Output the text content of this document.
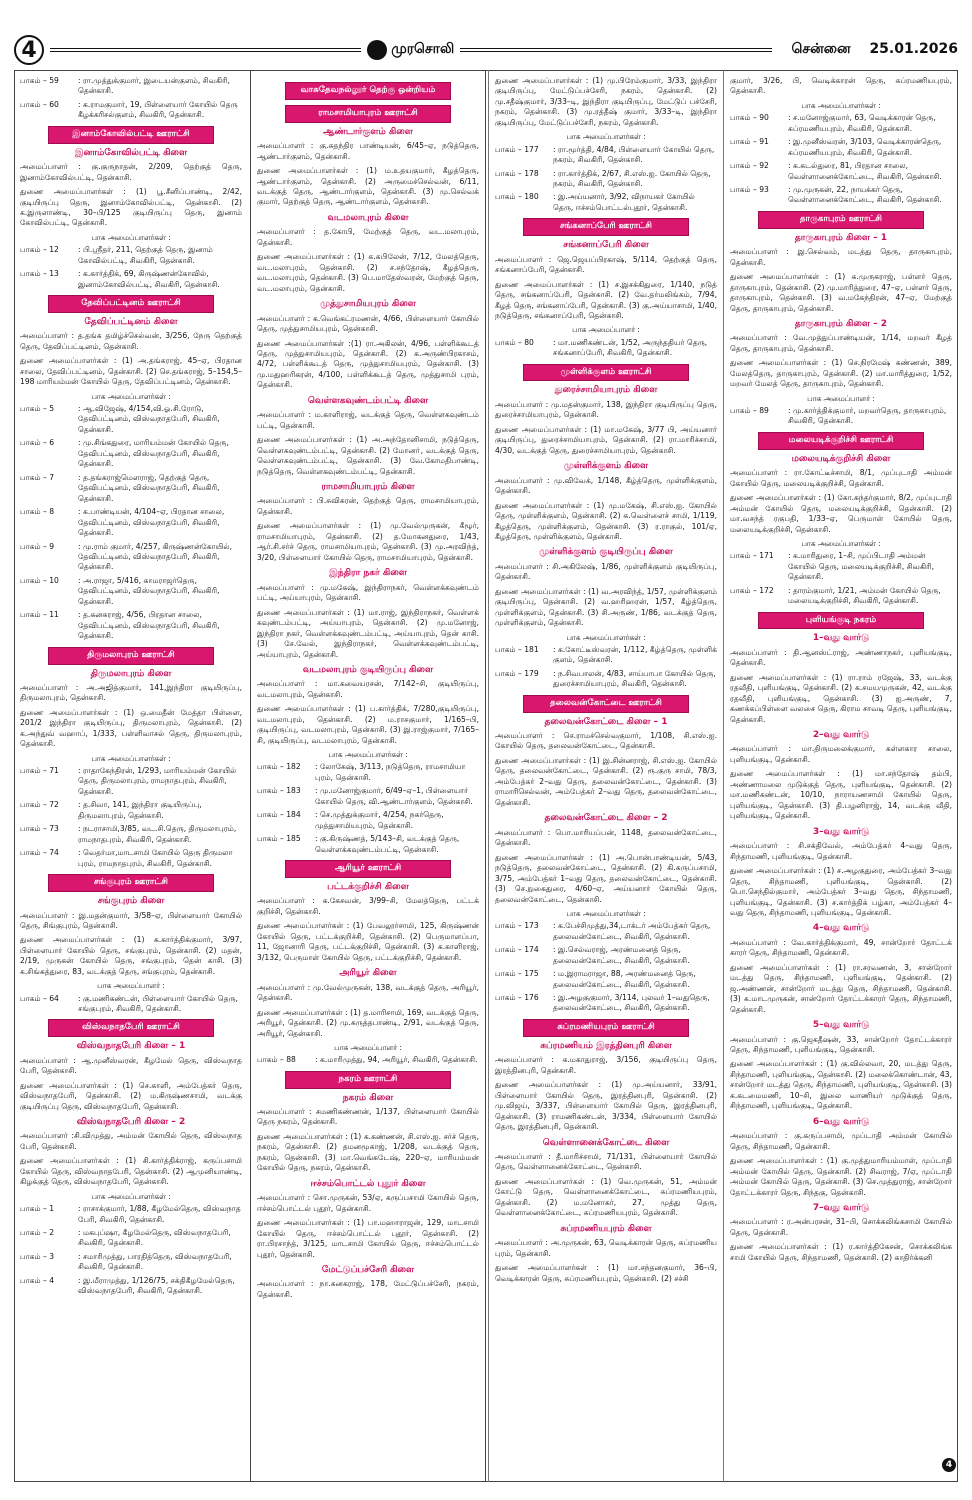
4	முரசொலி	சென்னை 25.01.2026
பாகம் – 59	: ரா.முத்துக்குமார், இடையன்குளம், சிவகிரி, தென்காசி.
பாகம் – 60	: க.ராமகுமார், 19, பிள்ளையார் கோயில் தெரு கீழக்கரிசல்குளம், சிவகிரி, தென்காசி.
இனாம்கோவில்பட்டி ஊராட்சி
இனாம்கோவில்பட்டி கிளை
அமைப்பாளர் : கு.குருநாதன், 2/209, தெற்குத் தெரு, இனாம்கோவில்பட்டி, தென்காசி.
துணை அமைப்பாளர்கள் : (1) பூ.சீனிப்பாண்டி, 2/42, குடியிருப்பு தெரு, இனாம்கோவில்பட்டி, தென்காசி. (2) க.இருளாண்டி, 30–பி/125 குடியிருப்பு தெரு, இனாம் கோவில்பட்டி, தென்காசி.
பாக அமைப்பாளர்கள் :
பாகம் – 12	: பி.ஸ்ரீதர், 211, தெற்குத் தெரு, இனாம் கோவில்பட்டி, சிவகிரி, தென்காசி.
பாகம் – 13	: க.கார்த்திக், 69, கிருஷ்ணன்கோவில், இனாம்கோவில்பட்டி, சிவகிரி, தென்காசி.
தேவிப்பட்டினம் ஊராட்சி
தேவிப்பட்டினம் கிளை
அமைப்பாளர் : த.தங்க தமிழ்ச்செல்வன், 3/256, நேரு தெற்குத் தெரு, தேவிப்பட்டினம், தென்காசி.
துணை அமைப்பாளர்கள் : (1) அ.தங்கராஜ், 45–ஏ, பிரதான சாலை, தேவிப்பட்டினம், தென்காசி. (2) செ.தங்கராஜ், 5–154,5–198 மாரியம்மன் கோயில் தெரு, தேவிப்பட்டினம், தென்காசி.
பாக அமைப்பாளர்கள் :
பாகம் – 5	: ஆ.விஜேஷ், 4/154,வி.ஓ.சி.ரோடு, தேவிபட்டினம், விஸ்வநாதபேரி, சிவகிரி, தென்காசி.
பாகம் – 6	: மு.சிங்கதுரை, மாரியம்மன் கோயில் தெரு, தேவிபட்டினம், விஸ்வநாதபேரி, சிவகிரி, தென்காசி.
பாகம் – 7	: த.தங்கராஜ்மௌராஜ், தெற்குத் தெரு, தேவிபட்டினம், விஸ்வநாதபேரி, சிவகிரி, தென்காசி.
பாகம் – 8	: க.பாண்டியன், 4/104–ஏ, பிரதான சாலை, தேவிபட்டினம், விஸ்வநாதபேரி, சிவகிரி, தென்காசி.
பாகம் – 9	: மு.ராம் குமார், 4/257, கிருஷ்ணன்கோயில், தேவிபட்டினம், விஸ்வநாதபேரி, சிவகிரி, தென்காசி.
பாகம் – 10	: அ.ராஜா, 5/416, காமராஜர்தெரு, தேவிபட்டினம், விஸ்வநாதபேரி, சிவகிரி, தென்காசி.
பாகம் – 11	: த.கனகராஜ், 4/56, பிரதான சாலை, தேவிபட்டினம், விஸ்வநாதபேரி, சிவகிரி, தென்காசி.
திருமலாபுரம் ஊராட்சி
திருமலாபுரம் கிளை
அமைப்பாளர் : அ.அஜித்குமார், 141,இந்திரா குடியிருப்பு, திருமலாபுரம், தென்காசி.
துணை அமைப்பாளர்கள் : (1) ஒ.மைதீன் மேத்தா பிள்ளை, 201/2 இந்திரா குடியிருப்பு, திருமலாபுரம், தென்காசி. (2) க.அந்துவ் வஹாப், 1/333, பள்ளிவாசல் தெரு, திருமலாபுரம், தென்காசி.
பாக அமைப்பாளர்கள் :
பாகம் – 71	: ராதாகேந்திரன், 1/293, மாரியம்மன் கோயில் தெரு, திருமலாபுரம், ராமநாதபுரம், சிவகிரி, தென்காசி.
பாகம் – 72	: த.சிவா, 141, இந்திரா குடியிருப்பு, திருமலாபுரம், தென்காசி.
பாகம் – 73	: நடராசாமி,3/85, வட.சி.தெரு, திருமலாபுரம், ராமநாதபுரம், சிவகிரி, தென்காசி.
பாகம் – 74	: வெதர்மா,மாடசாமி கோயில் தெரு திருமலா புரம், ராமநாதபுரம், சிவகிரி, தென்காசி.
சங்குபுரம் ஊராட்சி
சங்குபுரம் கிளை
அமைப்பாளர் : இ.மதன்குமார், 3/58–ஏ, பிள்ளையார் கோயில் தெரு, சிங்குபுரம், தென்காசி.
துணை அமைப்பாளர்கள் : (1) க.கார்த்திக்குமார், 3/97, பிள்ளையார் கோயில் தெரு, சங்குபுரம், தென்காசி. (2) மதன், 2/19, முருகன் கோயில் தெரு, சங்குபுரம், தென் காசி. (3) க.சிங்கத்துரை, 83, வடக்குத் தெரு, சங்குபுரம், தென்காசி.
பாக அமைப்பாளர் :
பாகம் – 64	: கு.மணிகண்டன், பிள்ளையார் கோயில் தெரு, சங்குபுரம், சிவகிரி, தென்காசி.
விஸ்வநாதபேரி ஊராட்சி
விஸ்வநாதபேரி கிளை – 1
அமைப்பாளர் : ஆ.முனீஸ்வரன், கீழமேல் தெரு, விஸ்வநாத பேரி, தென்காசி.
துணை அமைப்பாளர்கள் : (1) செ.காளி, அம்பேத்கர் தெரு, விஸ்வநாதபேரி, தென்காசி. (2) ம.கிருஷ்ணசாமி, வடக்கு குடியிருப்பு தெரு, விஸ்வநாதபேரி, தென்காசி.
விஸ்வநாதபேரி கிளை – 2
அமைப்பாளர் :சி.விமுத்து, அம்மன் கோயில் தெரு, விஸ்வநாத பேரி, தென்காசி.
துணை அமைப்பாளர்கள் : (1) சி.கார்த்திக்ராஜ், கருப்பசாமி கோயில் தெரு, விஸ்வநாதபேரி, தென்காசி. (2) ஆமுனியாண்டி, கிழக்குத் தெரு, விஸ்வநாதபேரி, தென்காசி.
பாக அமைப்பாளர்கள் :
பாகம் – 1	: ராசாக்குமார், 1/88, கீழமேல்தெரு, விஸ்வநாத பேரி, சிவகிரி, தென்காசி.
பாகம் – 2	: மகபுப்ஷா, கீழமேல்தெரு, விஸ்வநாதபேரி, சிவகிரி, தென்காசி.
பாகம் – 3	: சமாரிமுத்து, பாரதித்தெரு, விஸ்வநாதபேரி, சிவகிரி, தென்காசி.
பாகம் – 4	: இ.மீராமுத்து, 1/126/75, சக்திகீழமேல்தெரு, விஸ்வநாதபேரி, சிவகிரி, தென்காசி.
வாசுதேவநல்லூர் தெற்கு ஒன்றியம்
ராமசாமியாபுரம் ஊராட்சி
ஆண்டார்குளம் கிளை
அமைப்பாளர் : கு.சுதந்திர பாண்டியன், 6/45–ஏ, நடுத்தெரு, ஆண்டார்குளம், தென்காசி.
துணை அமைப்பாளர்கள் : (1) ம.உதயகுமார், கீழத்தெரு, ஆண்டார்குளம், தென்காசி. (2) அருமைச்செல்வன், 6/11, வடக்குத் தெரு, ஆண்டார்குளம், தென்காசி. (3) மு.செல்வக் குமார், தெற்குத் தெரு, ஆண்டார்குளம், தென்காசி.
வடமலாபுரம் கிளை
அமைப்பாளர் : த.கோபி, மேற்குத் தெரு, வட.மலாபுரம், தென்காசி.
துணை அமைப்பாளர்கள் : (1) க.கபிலேன், 7/12, மேலத்தெரு, வட.மலாபுரம், தென்காசி. (2) ச.சந்தோஷ், கீழத்தெரு, வட.மலாபுரம், தென்காசி. (3) பெ.மாதேஸ்வரன், மேற்குத் தெரு, வட.மலாபுரம், தென்காசி.
முத்துசாமியபுரம் கிளை
அமைப்பாளர் : க.வெங்கட்ரமணன், 4/66, பிள்ளையார் கோயில் தெரு, முத்துசாமியபுரம், தென்காசி.
துணை அமைப்பாளர்கள் :(1) ரா.அகிலன், 4/96, பள்ளிக்கூடத் தெரு, முத்துசாமியபுரம், தென்காசி. (2) க.அருண்பிரகாசம், 4/72, பள்ளிக்கூடத் தெரு, முத்துசாமியபுரம், தென்காசி. (3) மு.மதுஹரிகரன், 4/100, பள்ளிக்கூடத் தெரு, முத்துசாமி புரம், தென்காசி.
வெள்ளகவுண்டம்பட்டி கிளை
அமைப்பாளர் : ம.காளிராஜ், வடக்குத் தெரு, வெள்ளகவுண்டம் பட்டி, தென்காசி.
துணை அமைப்பாளர்கள் : (1) அ.அந்தோனிசாமி, நடுத்தெரு, வெள்ளகவுண்டம்பட்டி, தென்காசி. (2) மோனா், வடக்குத் தெரு, வெள்ளகவுண்டம்பட்டி, தென்காசி. (3) வே.கோமதிபாண்டி, நடுத்தெரு, வெள்ளகவுண்டம்பட்டி, தென்காசி.
ராமசாமியாபுரம் கிளை
அமைப்பாளர் : பி.சுவிசுரன், தெற்குத் தெரு, ராமசாமியாபுரம், தென்காசி.
துணை அமைப்பாளர்கள் : (1) மு.வேல்முருகன், கீழூர், ராமசாமியாபுரம், தென்காசி. (2) த.மோகனதுரை, 1/43, ஆர்.சி.சர்ச் தெரு, ராமசாமியாபுரம், தென்காசி. (3) மு.அரவிந்த், 3/20, பிள்ளையார் கோயில் தெரு, ராமசாமியாபுரம், தென்காசி.
இந்திரா நகர் கிளை
அமைப்பாளர் : மு.மகேஷ், இந்திராநகர், வெள்ளக்கவுண்டம் பட்டி, அய்யாபுரம், தென்காசி.
துணை அமைப்பாளர்கள் : (1) மா.ராஜ், இந்திராநகர், வெள்ளக் கவுண்டம்பட்டி, அய்யாபுரம், தென்காசி. (2) மு.மனோஜ், இந்திரா நகர், வெள்ளக்கவுண்டம்பட்டி, அய்யாபுரம், தென் காசி. (3) சே.வேல், இந்திராநகர், வெள்ளக்கவுண்டம்பட்டி, அய்யாபுரம், தென்காசி.
வடமலாபுரம் குடியிருப்பு கிளை
அமைப்பாளர் : மா.கவையரசன், 7/142–சி, குடியிருப்பு, வடமலாபுரம், தென்காசி.
துணை அமைப்பாளர்கள் : (1) ப.கார்த்திக், 7/280,குடியிருப்பு, வடமலாபுரம், தென்காசி. (2) ம.ராசகுமார், 1/165–பி, குடியிருப்பு, வடமலாபுரம், தென்காசி. (3) இ.ராஜ்குமார், 7/165–சி, குடியிருப்பு, வடமலாபுரம், தென்காசி.
பாக அமைப்பாளர்கள் :
பாகம் – 182	: லோகேஷ், 3/113, நடுத்தெரு, ராமசாமியா புரம், தென்காசி.
பாகம் – 183	: மு.மனோஜ்குமார், 6/49–ஏ–1, பிள்ளையார் கோயில் தெரு, வி.ஆண்டார்குளம், தென்காசி.
பாகம் – 184	: செ.முத்துக்குமார், 4/254, நகர்தெரு, முத்துசாமியபுரம், தென்காசி.
பாகம் – 185	: கு.கிருஷ்ணத், 5/143–சி, வடக்குத் தெரு, வெள்ளக்கவுண்டம்பட்டி, தென்காசி.
ஆரியூர் ஊராட்சி
பட்டக்குறிச்சி கிளை
அமைப்பாளர் : க.கேசவன், 3/99–சி, மேலத்தெரு, பட்டக் குறிச்சி, தென்காசி.
துணை அமைப்பாளர்கள் : (1) பேவலூர்சாமி, 125, கிருஷ்ணன் கோயில் தெரு, பட்டக்குறிச்சி, தென்காசி. (2) பெருமாளப்பா, 11, ஜோனாரி தெரு, பட்டக்குறிச்சி, தென்காசி. (3) க.காளிராஜ், 3/132, பெருமாள் கோயில் தெரு, பட்டக்குறிச்சி, தென்காசி.
அரியூர் கிளை
அமைப்பாளர் : மு.வேல்முருகன், 138, வடக்குத் தெரு, அரியூர், தென்காசி.
துணை அமைப்பாளர்கள் : (1) த.மாரிசாமி, 169, வடக்குத் தெரு, அரியூர், தென்காசி. (2) மு.கருத்தபாண்டி, 2/91, வடக்குத் தெரு, அரியூர், தென்காசி.
பாக அமைப்பாளர் :
பாகம் – 88	: க.மாரிமுத்து, 94, அரியூர், சிவகிரி, தென்காசி.
நகரம் ஊராட்சி
நகரம் கிளை
அமைப்பாளர் : சமணிகண்ணன், 1/137, பிள்ளையார் கோயில் தெரு நகரம், தென்காசி.
துணை அமைப்பாளர்கள் : (1) க.கண்ணன், சி.எஸ்.ஐ. சர்ச் தெரு, நகரம், தென்காசி. (2) தமனமூகாஜ், 1/208, வடக்குத் தெரு, நகரம், தென்காசி. (3) மா.வெங்கடேஷ், 220–ஏ, மாரியம்மன் கோயில் தெரு, நகரம், தென்காசி.
ஈச்சம்பொட்டல் புதூர் கிளை
அமைப்பாளர் : சொ.முருகன், 53/ஏ, கருப்பசாமி கோயில் தெரு, ஈச்சம்பொட்டல் புதூர், தென்காசி.
துணை அமைப்பாளர்கள் : (1) பா.மஹாராஜன், 129, மாடசாமி கோயில் தெரு, ஈச்சம்பொட்டல் புதூர், தென்காசி. (2) ரா.பிரசாந்த், 3/125, மாடசாமி கோயில் தெரு, ஈச்சம்பொட்டல் புதூர், தென்காசி.
மேட்டுப்பச்சேரி கிளை
அமைப்பாளர் : நா.கனகராஜ், 178, மேட்டுப்பச்சேரி, நகரம், தென்காசி.
துணை அமைப்பாளர்கள் : (1) மு.பிரேம்குமார், 3/33, இந்திரா குடியிருப்பு, மேட்டுப்பச்சேரி, நகரம், தென்காசி. (2) மு.சதீஷ்குமார், 3/33–டி, இந்திரா குடியிருப்பு, மேட்டுப் பச்சேரி, நகரம், தென்காசி. (3) மு.ரத்தீஷ் குமார், 3/33–டி, இந்திரா குடியிருப்பு, மேட்டுப்பச்சேரி, நகரம், தென்காசி.
பாக அமைப்பாளர்கள் :
பாகம் – 177	: ரா.மூர்த்தி, 4/84, பிள்ளையார் கோயில் தெரு, நகரம், சிவகிரி, தென்காசி.
பாகம் – 178	: ரா.கார்த்திக், 2/67, சி.எஸ்.ஐ. கோயில் தெரு, நகரம், சிவகிரி, தென்காசி.
பாகம் – 180	: இ.அய்யனார், 3/92, விநாயகர் கோயில் தெரு, ஈச்சம்பொட்டல்புதூர், தென்காசி.
சங்கனாப்பேரி ஊராட்சி
சங்கனாப்பேரி கிளை
அமைப்பாளர் : ஜெ.ஜெயப்பிரகாஷ், 5/114, தெற்குத் தெரு, சங்கனாப்பேரி, தென்காசி.
துணை அமைப்பாளர்கள் : (1) ச.இசக்கிதுரை, 1/140, நடுத் தெரு, சங்கனாப்பேரி, தென்காசி. (2) வே.தர்மலிங்கம், 7/94, கீழத் தெரு, சங்கனாப்பேரி, தென்காசி. (3) கு.அய்யாசாமி, 1/40, நடுத்தெரு, சங்கனாப்பேரி, தென்காசி.
பாக அமைப்பாளர் :
பாகம் – 80	: மா.மணிகண்டன், 1/52, அருந்ததியர் தெரு, சங்கனாப்பேரி, சிவகிரி, தென்காசி.
முள்ளிக்குளம் ஊராட்சி
துரைச்சாமியாபுரம் கிளை
அமைப்பாளர் : மு.மதன்குமார், 138, இந்திரா குடியிருப்பு தெரு, துரைச்சாமியாபுரம், தென்காசி.
துணை அமைப்பாளர்கள் : (1) மா.மகேஷ், 3/77 பி, அய்யனார் குடியிருப்பு, துரைச்சாமியாபுரம், தென்காசி. (2) ரா.மாரிச்சாமி, 4/30, வடக்குத் தெரு, துரைச்சாமியாபுரம், தென்காசி.
முள்ளிக்குளம் கிளை
அமைப்பாளர் : மு.விவேக், 1/148, கீழ்த்தெரு, முள்ளிக்குளம், தென்காசி.
துணை அமைப்பாளர்கள் : (1) மு.மகேஷ், சி.எஸ்.ஐ. கோயில் தெரு, முள்ளிக்குளம், தென்காசி. (2) சு.வெள்ளைச் சாமி, 1/119, கீழத்தெரு, முள்ளிக்குளம், தென்காசி. (3) ர.ராகுல், 101/ஏ, கீழத்தெரு, முள்ளிக்குளம், தென்காசி.
முள்ளிக்குளம் குடியிருப்பு கிளை
அமைப்பாளர் : சி.அகிலேஷ், 1/86, முள்ளிக்குளம் குடியிருப்பு, தென்காசி.
துணை அமைப்பாளர்கள் : (1) வ.அரவிந்த், 1/57, முள்ளிக்குளம் குடியிருப்பு, தென்காசி. (2) வ.ஹரிஹரன், 1/57, கீழ்த்தெரு, முள்ளிக்குளம், தென்காசி. (3) சி.அருண், 1/86, வடக்குத் தெரு, முள்ளிக்குளம், தென்காசி.
பாக அமைப்பாளர்கள் :
பாகம் – 181	: க.கோட்டீஸ்வரன், 1/112, கீழ்த்தெரு, முள்ளிக் குளம், தென்காசி.
பாகம் – 179	: ந.சிவபாலன், 4/83, சாய்பாபா கோயில் தெரு, துரைச்சாமியாபுரம், சிவகிரி, தென்காசி.
தலைவன்கோட்டை ஊராட்சி
தலைவன்கோட்டை கிளை – 1
அமைப்பாளர் : செ.ராமச்செல்வகுமார், 1/108, சி.எஸ்.ஐ. கோயில் தெரு, தலைவன்கோட்டை, தென்காசி.
துணை அமைப்பாளர்கள் : (1) இ.சின்னராஜ், சி.எஸ்.ஐ. கோயில் தெரு, தலைவன்கோட்டை, தென்காசி. (2) ரூ.குரு சாமி, 78/3, அம்பேத்கர் 2–வது தெரு, தலைவன்கோட்டை, தென்காசி. (3) ராமாரிசெல்வன், அம்பேத்கர் 2–வது தெரு, தலைவன்கோட்டை, தென்காசி.
தலைவன்கோட்டை கிளை – 2
அமைப்பாளர் : பொ.மாரியப்பன், 1148, தலைவன்கோட்டை, தென்காசி.
துணை அமைப்பாளர்கள் : (1) அ.பொன்பாண்டியன், 5/43, நடுத்தெரு, தலைவன்கோட்டை, தென்காசி. (2) கி.கருப்பசாமி, 3/75, அம்பேத்கர் 1–வது தெரு, தலைவன்கோட்டை, தென்காசி. (3) செ.நுகைதுரை, 4/60–ஏ, அய்யனார் கோயில் தெரு, தலைவன்கோட்டை, தென்காசி.
பாக அமைப்பாளர்கள் :
பாகம் – 173	: க.பேச்சிமுத்து,34,டாக்டர் அம்பேத்கர் தெரு, தலைவன்கோட்டை, சிவகிரி, தென்காசி.
பாகம் – 174	: இ.செல்வராஜ், அரண்மனைத் தெரு, தலைவன்கோட்டை, சிவகிரி, தென்காசி.
பாகம் – 175	: ம.இராமராஜா, 88, அரண்மனைத் தெரு, தலைவன்கோட்டை, சிவகிரி, தென்காசி.
பாகம் – 176	: இ.அழகுகுமார், 3/114, புலவர் 1–வதுதெரு, தலைவன்கோட்டை, சிவகிரி, தென்காசி.
சுப்ரமணியபுரம் ஊராட்சி
சுப்ரமணியம் இரத்தினபுரி கிளை
அமைப்பாளர் : க.மகாதுராஜ், 3/156, குடியிருப்பு தெரு, இரத்தினபுரி, தென்காசி.
துணை அமைப்பாளர்கள் : (1) மு.அய்யனார், 33/91, பிள்ளையார் கோயில் தெரு, இரத்தினபுரி, தென்காசி. (2) மு.விஜய், 3/337, பிள்ளையார் கோயில் தெரு, இரத்தினபுரி, தென்காசி. (3) ராமணிகண்டன், 3/334, பிள்ளையார் கோயில் தெரு, இரத்தினபுரி, தென்காசி.
வெள்ளானைக்கோட்டை கிளை
அமைப்பாளர் : தீ.மாரிச்சாமி, 71/131, பிள்ளையார் கோயில் தெரு, வெள்ளானைக்கோட்டை, தென்காசி.
துணை அமைப்பாளர்கள் : (1) வெ.முருகன், 51, அம்மன் கோட்டு தெரு, வெள்ளானைக்கோட்டை, சுப்ரமணியபுரம், தென்காசி. (2) ம.மனோகர், 27, முத்து தெரு, வெள்ளானைக்கோட்டை, சுப்ரமணியபுரம், தென்காசி.
சுப்ரமணியபுரம் கிளை
அமைப்பாளர் : அ.முருகன், 63, வெடிக்காரன் தெரு, சுப்ரமணிய புரம், தென்காசி.
துணை அமைப்பாளர்கள் : (1) மா.சந்தனகுமார், 36–பி, வெடிக்காரன் தெரு, சுப்ரமணியபுரம், தென்காசி. (2) சச்சி
குமார், 3/26, பி, வெடிக்காரன் தெரு, சுப்ரமணியபுரம், தென்காசி.
பாக அமைப்பாளர்கள் :
பாகம் – 90	: ச.மனோஜ்குமார், 63, வெடிக்காரன் தெரு, சுப்ரமணியபுரம், சிவகிரி, தென்காசி.
பாகம் – 91	: இ.முனீஸ்வரன், 3/103, வெடிக்காரன்தெரு, சுப்ரமணியபுரம், சிவகிரி, தென்காசி.
பாகம் – 92	: க.கடல்துரை, 81, பிரதான சாலை, வெள்ளானைக்கோட்டை, சிவகிரி, தென்காசி.
பாகம் – 93	: மு.முருகன், 22, நாயக்கர் தெரு, வெள்ளானைக்கோட்டை, சிவகிரி, தென்காசி.
தாருகாபுரம் ஊராட்சி
தாருகாபுரம் கிளை – 1
அமைப்பாளர் : இ.செல்வம், மடத்து தெரு, தாருகாபுரம், தென்காசி.
துணை அமைப்பாளர்கள் : (1) க.முருகராஜ், பள்ளர் தெரு, தாருகாபுரம், தென்காசி. (2) மு.மாரித்துரை, 47–ஏ, பள்ளர் தெரு, தாருகாபுரம், தென்காசி. (3) வ.மகேந்திரன், 47–ஏ, மேற்குத் தெரு, தாருகாபுரம், தென்காசி.
தாருகாபுரம் கிளை – 2
அமைப்பாளர் : வே.முத்துப்பாண்டியன், 1/14, மறவர் கீழத் தெரு, தாருகாபுரம், தென்காசி.
துணை அமைப்பாளர்கள் : (1) செ.நிரமேஷ் கண்ணன், 389, மேலத்தெரு, தாருகாபுரம், தென்காசி. (2) மா.மாரித்துரை, 1/52, மறவர் மேலத் தெரு, தாருகாபுரம், தென்காசி.
பாக அமைப்பாளர் :
பாகம் – 89	: மு.கார்த்திக்குமார், மறவர்தெரு, தாருகாபுரம், சிவகிரி, தென்காசி.
மலையடிக்குறிச்சி ஊராட்சி
மலையடிக்குறிச்சி கிளை
அமைப்பாளர் : ரா.கோட்டீச்சாமி, 8/1, முப்புடாதி அம்மன் கோயில் தெரு, மலையடிக்குறிச்சி, தென்காசி.
துணை அமைப்பாளர்கள் : (1) கோ.கந்தர்குமார், 8/2, முப்புடாதி அம்மன் கோயில் தெரு, மலையடிக்குறிச்சி, தென்காசி. (2) மா.வசந்த் ரகுபதி, 1/33–ஏ, பெருமாள் கோயில் தெரு, மலையடிக்குறிச்சி, தென்காசி.
பாக அமைப்பாளர்கள் :
பாகம் – 171	: க.மாரிதுரை, 1–சி, முப்பிடாதி அம்மன் கோயில் தெரு, மலையடிக்குறிச்சி, சிவகிரி, தென்காசி.
பாகம் – 172	: தாரம்குமார், 1/21, அம்மன் கோயில் தெரு, மலையடிக்குறிச்சி, சிவகிரி, தென்காசி.
புளியங்குடி நகரம்
1–வது வார்டு
அமைப்பாளர் : தி.ஆனஸ்ட்ராஜ், அண்ணாநகர், புளியங்குடி, தென்காசி.
துணை அமைப்பாளர்கள் : (1) ரா.ராம் ரஜேஷ், 33, வடக்கு ரதவீதி, புளியங்குடி, தென்காசி. (2) க.சமயமுருகன், 42, வடக்கு ரதவீதி, புளியங்குடி, தென்காசி. (3) ஐ.அருண், 7, கணக்கப்பிள்ளை வலசை தெரு, கிராம சாவடி தெரு, புளியங்குடி, தென்காசி.
2–வது வார்டு
அமைப்பாளர் : மா.திருமலைக்குமார், கள்ளகார சாலை, புளியங்குடி, தென்காசி.
துணை அமைப்பாளர்கள் : (1) மா.சந்தோஷ் தம்பி, அண்ணாமலை முடுக்குத் தெரு, புளியங்குடி, தென்காசி. (2) மா.மணிகண்டன், 10/10, நாராயணசாமி கோயில் தெரு, புளியங்குடி, தென்காசி. (3) தி.பழனிராஜ், 14, வடக்கு வீதி, புளியங்குடி, தென்காசி.
3–வது வார்டு
அமைப்பாளர் : சி.சக்திவேல், அம்பேத்கர் 4–வது தெரு, சிந்தாமணி, புளியங்குடி, தென்காசி.
துணை அமைப்பாளர்கள் : (1) ச.அழகுதுரை, அம்பேத்கர் 3–வது தெரு, சிந்தாமணி, புளியங்குடி, தென்காசி. (2) பொ.செந்தில்குமார், அம்பேத்கர் 3–வது தெரு, சிந்தாமணி, புளியங்குடி, தென்காசி. (3) ச.கார்த்திக் பழ்கா, அம்பேத்கர் 4–வது தெரு, சிந்தாமணி, புளியங்குடி, தென்காசி.
4–வது வார்டு
அமைப்பாளர் : வே.கார்த்திக்குமார், 49, சான்றோர் தோட்டக் காரர் தெரு, சிந்தாமணி, தென்காசி.
துணை அமைப்பாளர்கள் : (1) ரா.சரவணன், 3, சான்றோர் மடத்து தெரு, சிந்தாமணி, புளியங்குடி, தென்காசி. (2) ஜ.அண்ணன், சான்றோர் மடத்து தெரு, சிந்தாமணி, தென்காசி. (3) க.மாடமுருகன், சான்றோர் தோட்டக்காரர் தெரு, சிந்தாமணி, தென்காசி.
5–வது வார்டு
அமைப்பாளர் : கு.ஜெகதீஷன், 33, சான்றோர் தோட்டக்காரர் தெரு, சிந்தாமணி, புளியங்குடி, தென்காசி.
துணை அமைப்பாளர்கள் : (1) கு.வில்லவா, 20, மடத்து தெரு, சிந்தாமணி, புளியங்குடி, தென்காசி. (2) மலைக்கொண்டான், 43, சான்றோர் மடத்து தெரு, சிந்தாமணி, புளியங்குடி, தென்காசி. (3) க.கடமைமணி, 10–சி, இலை வாணியர் முடுக்குத் தெரு, சிந்தாமணி, புளியங்குடி, தென்காசி.
6–வது வார்டு
அமைப்பாளர் : கு.கருப்பசாமி, முப்டாதி அம்மன் கோயில் தெரு, சிந்தாமணி, தென்காசி.
துணை அமைப்பாளர்கள் : (1) கு.முத்துமாரியம்மாள், முப்டாதி அம்மன் கோயில் தெரு, தென்காசி. (2) சிவராஜ், 7/ஏ, முப்டாதி அம்மன் கோயில் தெரு, தென்காசி. (3) செ.முத்துராஜ், சான்றோர் தோட்டக்காரர் தெரு, சிந்தகு, தென்காசி.
7–வது வார்டு
அமைப்பாளர் : ர.அன்பரசன், 31–பி, சொக்கலிங்கசாமி கோயில் தெரு, தென்காசி.
துணை அமைப்பாளர்கள் : (1) ர.கார்த்திகேசன், சொக்கலிங்க சாமி கோயில் தெரு, சிந்தாமணி, தென்காசி. (2) காதிர்க்கனி
4
